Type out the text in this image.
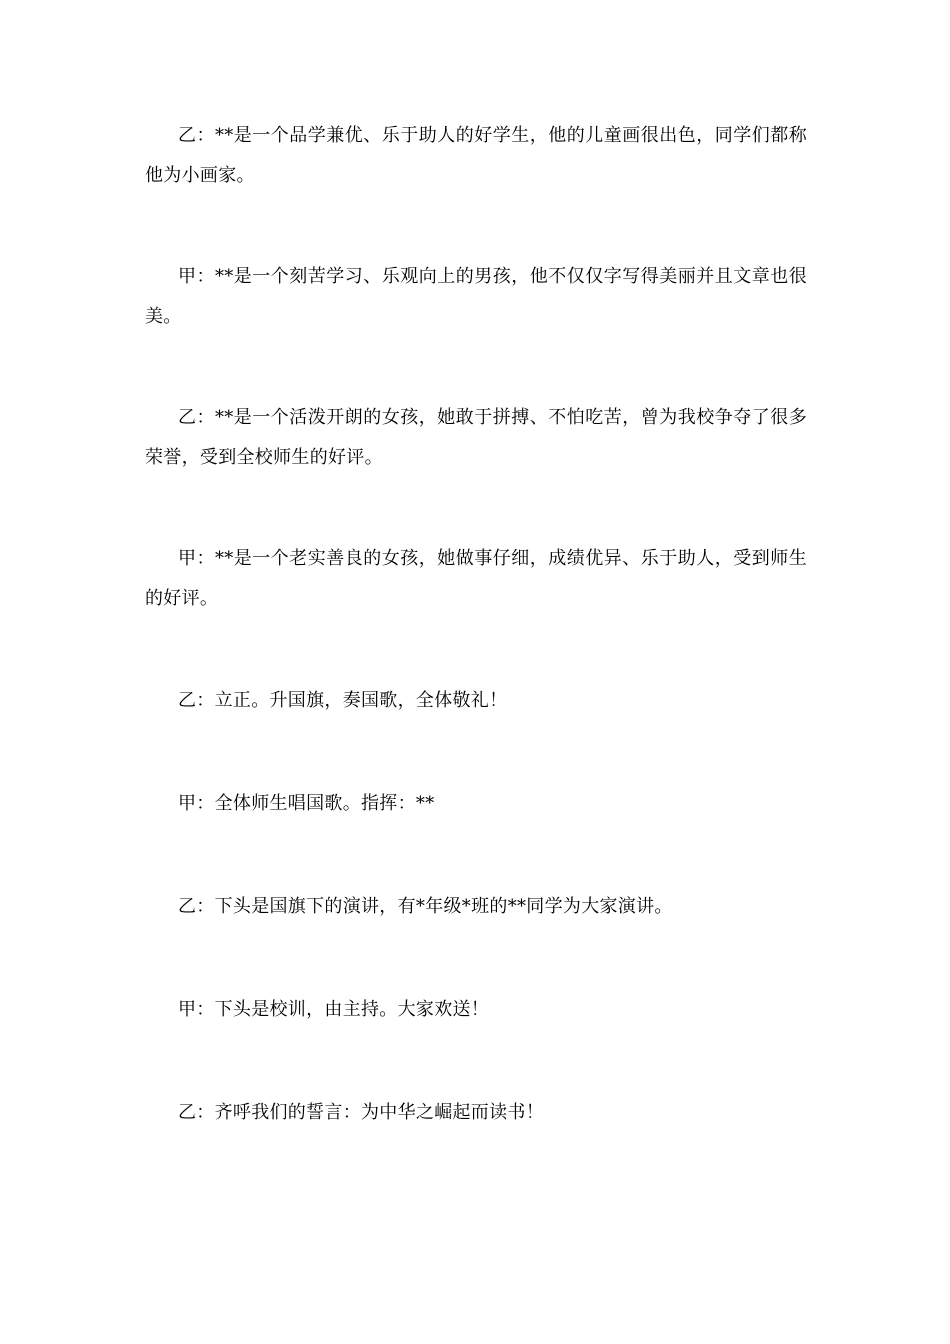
乙：**是一个品学兼优、乐于助人的好学生，他的儿童画很出色，同学们都称他为小画家。

甲：**是一个刻苦学习、乐观向上的男孩，他不仅仅字写得美丽并且文章也很美。

乙：**是一个活泼开朗的女孩，她敢于拼搏、不怕吃苦，曾为我校争夺了很多荣誉，受到全校师生的好评。

甲：**是一个老实善良的女孩，她做事仔细，成绩优异、乐于助人，受到师生的好评。

乙：立正。升国旗，奏国歌，全体敬礼！

甲：全体师生唱国歌。指挥：**

乙：下头是国旗下的演讲，有*年级*班的**同学为大家演讲。

甲：下头是校训，由主持。大家欢送！

乙：齐呼我们的誓言：为中华之崛起而读书！
